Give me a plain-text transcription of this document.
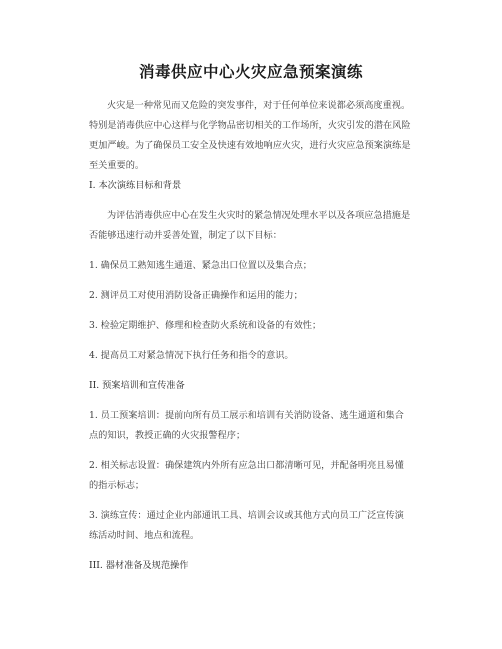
消毒供应中心火灾应急预案演练

火灾是一种常见而又危险的突发事件，对于任何单位来说都必须高度重视。特别是消毒供应中心这样与化学物品密切相关的工作场所，火灾引发的潜在风险更加严峻。为了确保员工安全及快速有效地响应火灾，进行火灾应急预案演练是至关重要的。

I. 本次演练目标和背景

为评估消毒供应中心在发生火灾时的紧急情况处理水平以及各项应急措施是否能够迅速行动并妥善处置，制定了以下目标：

1. 确保员工熟知逃生通道、紧急出口位置以及集合点；

2. 测评员工对使用消防设备正确操作和运用的能力；

3. 检验定期维护、修理和检查防火系统和设备的有效性；

4. 提高员工对紧急情况下执行任务和指令的意识。

II. 预案培训和宣传准备

1. 员工预案培训：提前向所有员工展示和培训有关消防设备、逃生通道和集合点的知识，教授正确的火灾报警程序；

2. 相关标志设置：确保建筑内外所有应急出口都清晰可见，并配备明亮且易懂的指示标志；

3. 演练宣传：通过企业内部通讯工具、培训会议或其他方式向员工广泛宣传演练活动时间、地点和流程。

III. 器材准备及规范操作
